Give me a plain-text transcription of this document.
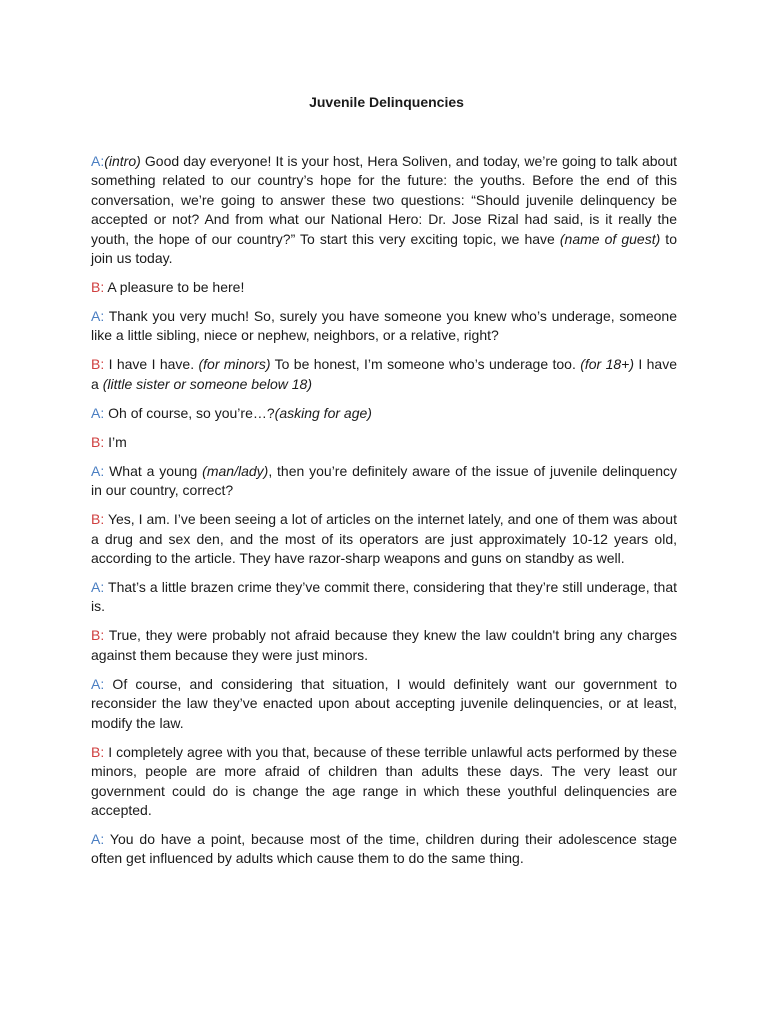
Juvenile Delinquencies
A:(intro) Good day everyone! It is your host, Hera Soliven, and today, we’re going to talk about something related to our country’s hope for the future: the youths. Before the end of this conversation, we’re going to answer these two questions: “Should juvenile delinquency be accepted or not? And from what our National Hero: Dr. Jose Rizal had said, is it really the youth, the hope of our country?” To start this very exciting topic, we have (name of guest) to join us today.
B: A pleasure to be here!
A: Thank you very much! So, surely you have someone you knew who’s underage, someone like a little sibling, niece or nephew, neighbors, or a relative, right?
B: I have I have. (for minors) To be honest, I’m someone who’s underage too. (for 18+) I have a (little sister or someone below 18)
A: Oh of course, so you’re…?(asking for age)
B: I’m
A: What a young (man/lady), then you’re definitely aware of the issue of juvenile delinquency in our country, correct?
B: Yes, I am. I’ve been seeing a lot of articles on the internet lately, and one of them was about a drug and sex den, and the most of its operators are just approximately 10-12 years old, according to the article. They have razor-sharp weapons and guns on standby as well.
A: That’s a little brazen crime they’ve commit there, considering that they’re still underage, that is.
B: True, they were probably not afraid because they knew the law couldn't bring any charges against them because they were just minors.
A: Of course, and considering that situation, I would definitely want our government to reconsider the law they’ve enacted upon about accepting juvenile delinquencies, or at least, modify the law.
B: I completely agree with you that, because of these terrible unlawful acts performed by these minors, people are more afraid of children than adults these days. The very least our government could do is change the age range in which these youthful delinquencies are accepted.
A: You do have a point, because most of the time, children during their adolescence stage often get influenced by adults which cause them to do the same thing.
